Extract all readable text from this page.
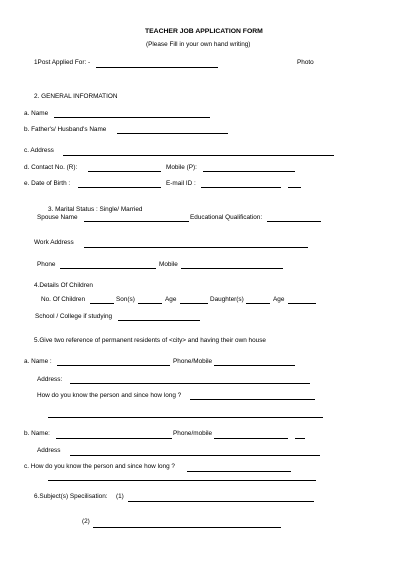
TEACHER JOB APPLICATION FORM
(Please Fill in your own hand writing)
1Post Applied For: -	Photo
2. GENERAL INFORMATION
a. Name
b. Father's/ Husband's Name
c. Address
d. Contact No. (R):	Mobile (P):
e. Date of Birth :	E-mail ID :
3. Marital Status : Single/ Married
Spouse Name	Educational Qualification:
Work Address
Phone	Mobile
4.Details Of Children
No. Of Children	Son(s)	Age	Daughter(s)	Age
School / College if studying
5.Give two reference of permanent residents of <city> and having their own house
a. Name :	Phone/Mobile
Address:
How do you know the person and since how long ?
b. Name:	Phone/mobile
Address
c. How do you know the person and since how long ?
6.Subject(s) Specilisation: (1)
(2)
